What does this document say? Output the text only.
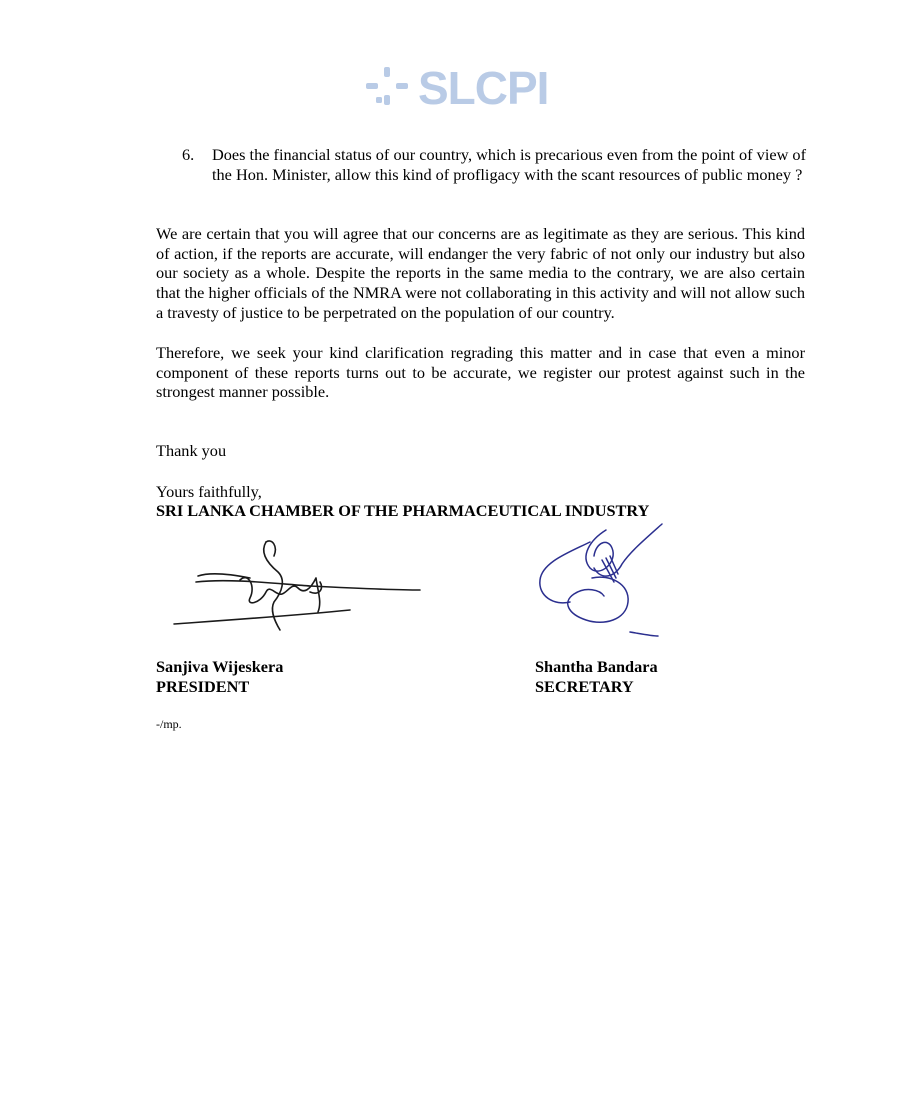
SLCPI
6. Does the financial status of our country, which is precarious even from the point of view of the Hon. Minister, allow this kind of profligacy with the scant resources of public money ?
We are certain that you will agree that our concerns are as legitimate as they are serious. This kind of action, if the reports are accurate, will endanger the very fabric of not only our industry but also our society as a whole. Despite the reports in the same media to the contrary, we are also certain that the higher officials of the NMRA were not collaborating in this activity and will not allow such a travesty of justice to be perpetrated on the population of our country.
Therefore, we seek your kind clarification regrading this matter and in case that even a minor component of these reports turns out to be accurate, we register our protest against such in the strongest manner possible.
Thank you
Yours faithfully,
SRI LANKA CHAMBER OF THE PHARMACEUTICAL INDUSTRY
Sanjiva Wijeskera
PRESIDENT
Shantha Bandara
SECRETARY
-/mp.
